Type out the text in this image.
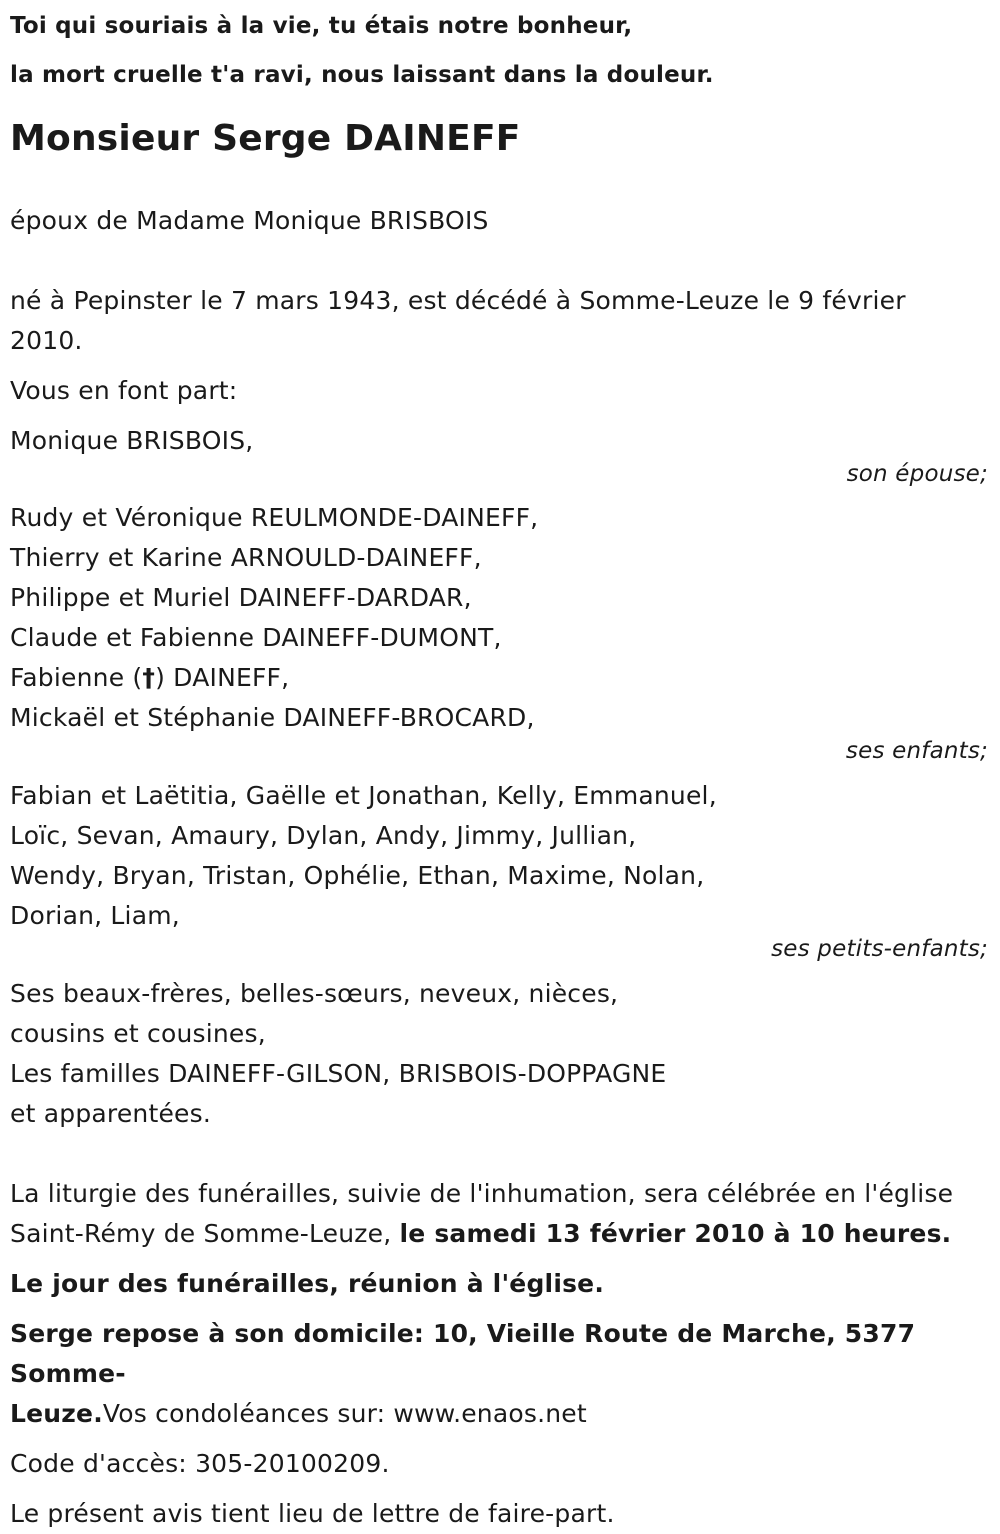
Toi qui souriais à la vie, tu étais notre bonheur,
la mort cruelle t'a ravi, nous laissant dans la douleur.
Monsieur Serge DAINEFF
époux de Madame Monique BRISBOIS
né à Pepinster le 7 mars 1943, est décédé à Somme-Leuze le 9 février
2010.
Vous en font part:
Monique BRISBOIS,
son épouse;
Rudy et Véronique REULMONDE-DAINEFF,
Thierry et Karine ARNOULD-DAINEFF,
Philippe et Muriel DAINEFF-DARDAR,
Claude et Fabienne DAINEFF-DUMONT,
Fabienne (†) DAINEFF,
Mickaël et Stéphanie DAINEFF-BROCARD,
ses enfants;
Fabian et Laëtitia, Gaëlle et Jonathan, Kelly, Emmanuel,
Loïc, Sevan, Amaury, Dylan, Andy, Jimmy, Jullian,
Wendy, Bryan, Tristan, Ophélie, Ethan, Maxime, Nolan,
Dorian, Liam,
ses petits-enfants;
Ses beaux-frères, belles-sœurs, neveux, nièces,
cousins et cousines,
Les familles DAINEFF-GILSON, BRISBOIS-DOPPAGNE
et apparentées.
La liturgie des funérailles, suivie de l'inhumation, sera célébrée en l'église
Saint-Rémy de Somme-Leuze, le samedi 13 février 2010 à 10 heures.
Le jour des funérailles, réunion à l'église.
Serge repose à son domicile: 10, Vieille Route de Marche, 5377 Somme-
Leuze.Vos condoléances sur: www.enaos.net
Code d'accès: 305-20100209.
Le présent avis tient lieu de lettre de faire-part.
